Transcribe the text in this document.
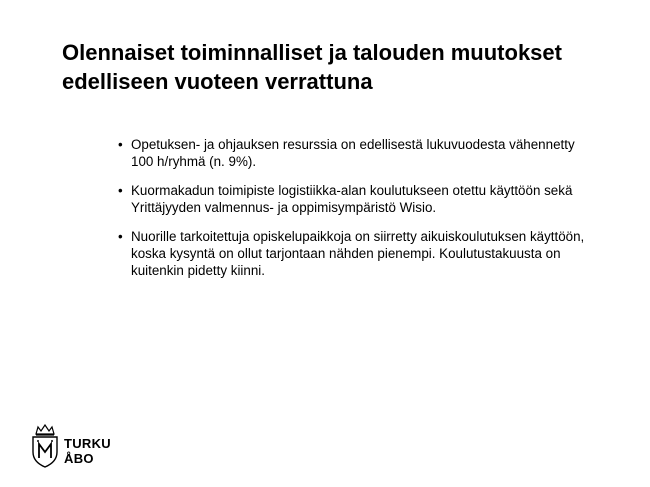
Olennaiset toiminnalliset ja talouden muutokset edelliseen vuoteen verrattuna
• Opetuksen- ja ohjauksen resurssia on edellisestä lukuvuodesta vähennetty 100 h/ryhmä (n. 9%).
• Kuormakadun toimipiste logistiikka-alan koulutukseen otettu käyttöön sekä Yrittäjyyden valmennus- ja oppimisympäristö Wisio.
• Nuorille tarkoitettuja opiskelupaikkoja on siirretty aikuiskoulutuksen käyttöön, koska kysyntä on ollut tarjontaan nähden pienempi. Koulutustakuusta on kuitenkin pidetty kiinni.
TURKU
ÅBO
